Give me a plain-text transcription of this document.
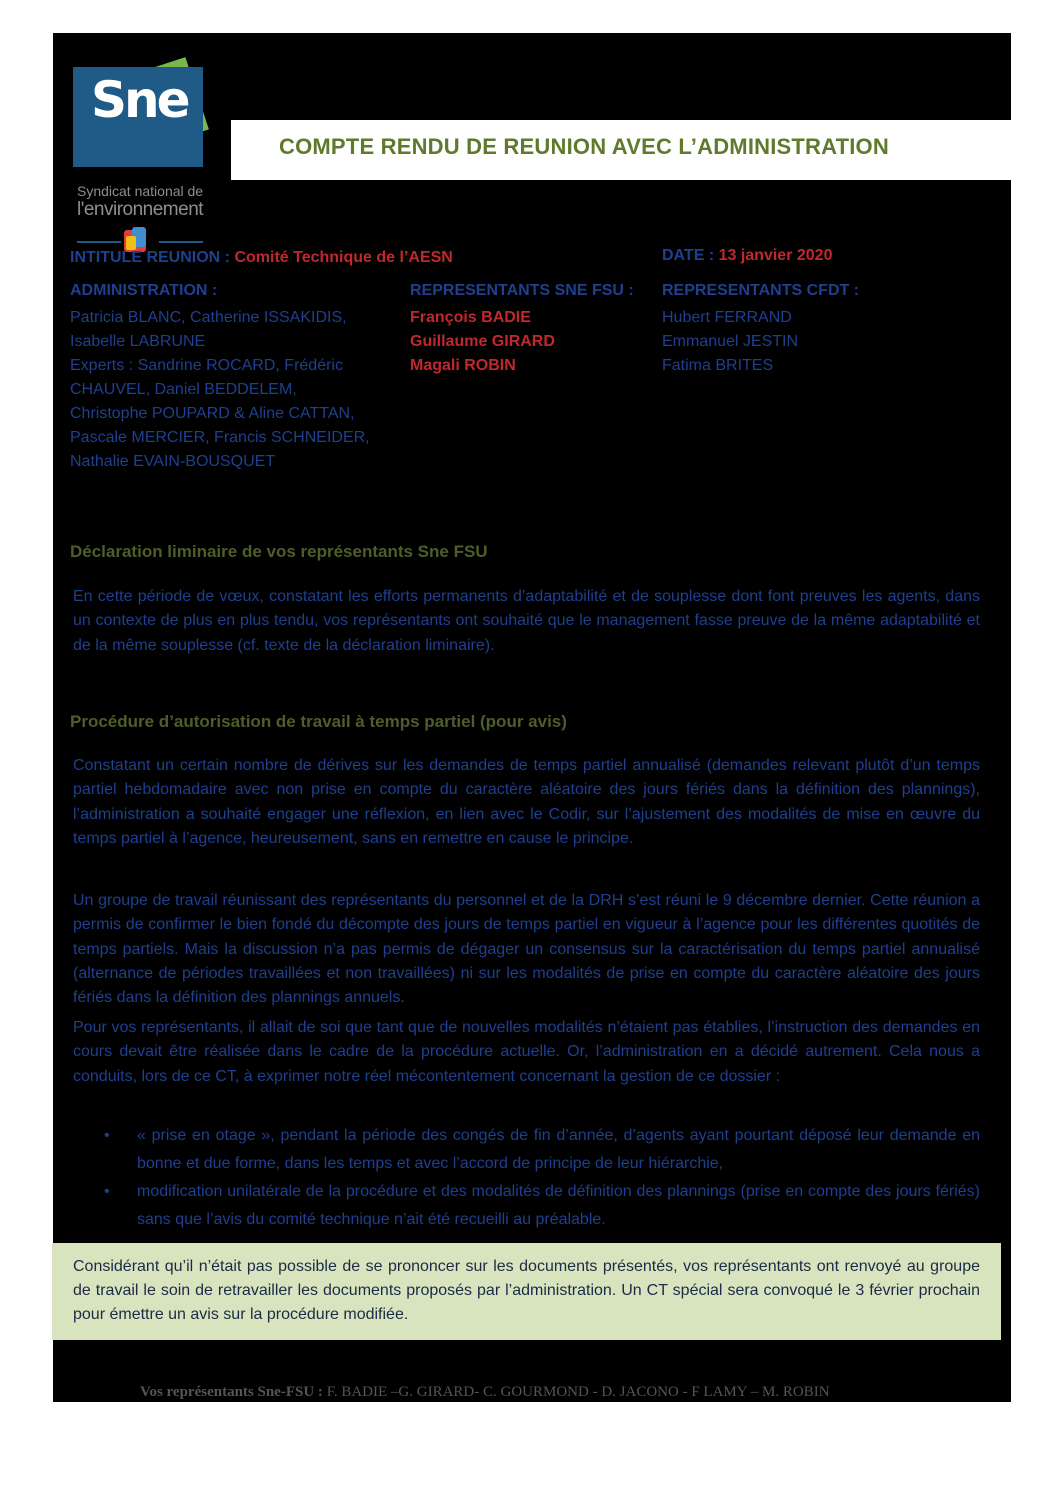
Sne
Syndicat national de
l'environnement
COMPTE RENDU DE REUNION AVEC L’ADMINISTRATION
INTITULE REUNION : Comité Technique de l’AESN	DATE : 13 janvier 2020
ADMINISTRATION :
Patricia BLANC, Catherine ISSAKIDIS,
Isabelle LABRUNE
Experts : Sandrine ROCARD, Frédéric
CHAUVEL, Daniel BEDDELEM,
Christophe POUPARD & Aline CATTAN,
Pascale MERCIER, Francis SCHNEIDER,
Nathalie EVAIN-BOUSQUET
REPRESENTANTS SNE FSU :
François BADIE
Guillaume GIRARD
Magali ROBIN
REPRESENTANTS CFDT :
Hubert FERRAND
Emmanuel JESTIN
Fatima BRITES
Déclaration liminaire de vos représentants Sne FSU
En cette période de vœux, constatant les efforts permanents d’adaptabilité et de souplesse dont font preuves les agents, dans un contexte de plus en plus tendu, vos représentants ont souhaité que le management fasse preuve de la même adaptabilité et de la même souplesse (cf. texte de la déclaration liminaire).
Procédure d’autorisation de travail à temps partiel (pour avis)
Constatant un certain nombre de dérives sur les demandes de temps partiel annualisé (demandes relevant plutôt d’un temps partiel hebdomadaire avec non prise en compte du caractère aléatoire des jours fériés dans la définition des plannings), l’administration a souhaité engager une réflexion, en lien avec le Codir, sur l’ajustement des modalités de mise en œuvre du temps partiel à l’agence, heureusement, sans en remettre en cause le principe.
Un groupe de travail réunissant des représentants du personnel et de la DRH s’est réuni le 9 décembre dernier. Cette réunion a permis de confirmer le bien fondé du décompte des jours de temps partiel en vigueur à l’agence pour les différentes quotités de temps partiels. Mais la discussion n’a pas permis de dégager un consensus sur la caractérisation du temps partiel annualisé (alternance de périodes travaillées et non travaillées) ni sur les modalités de prise en compte du caractère aléatoire des jours fériés dans la définition des plannings annuels.
Pour vos représentants, il allait de soi que tant que de nouvelles modalités n’étaient pas établies, l’instruction des demandes en cours devait être réalisée dans le cadre de la procédure actuelle. Or, l’administration en a décidé autrement. Cela nous a conduits, lors de ce CT, à exprimer notre réel mécontentement concernant la gestion de ce dossier :
• « prise en otage », pendant la période des congés de fin d’année, d’agents ayant pourtant déposé leur demande en bonne et due forme, dans les temps et avec l’accord de principe de leur hiérarchie,
• modification unilatérale de la procédure et des modalités de définition des plannings (prise en compte des jours fériés) sans que l’avis du comité technique n’ait été recueilli au préalable.
Considérant qu’il n’était pas possible de se prononcer sur les documents présentés, vos représentants ont renvoyé au groupe de travail le soin de retravailler les documents proposés par l’administration. Un CT spécial sera convoqué le 3 février prochain pour émettre un avis sur la procédure modifiée.
Vos représentants Sne-FSU : F. BADIE –G. GIRARD- C. GOURMOND - D. JACONO - F LAMY – M. ROBIN
